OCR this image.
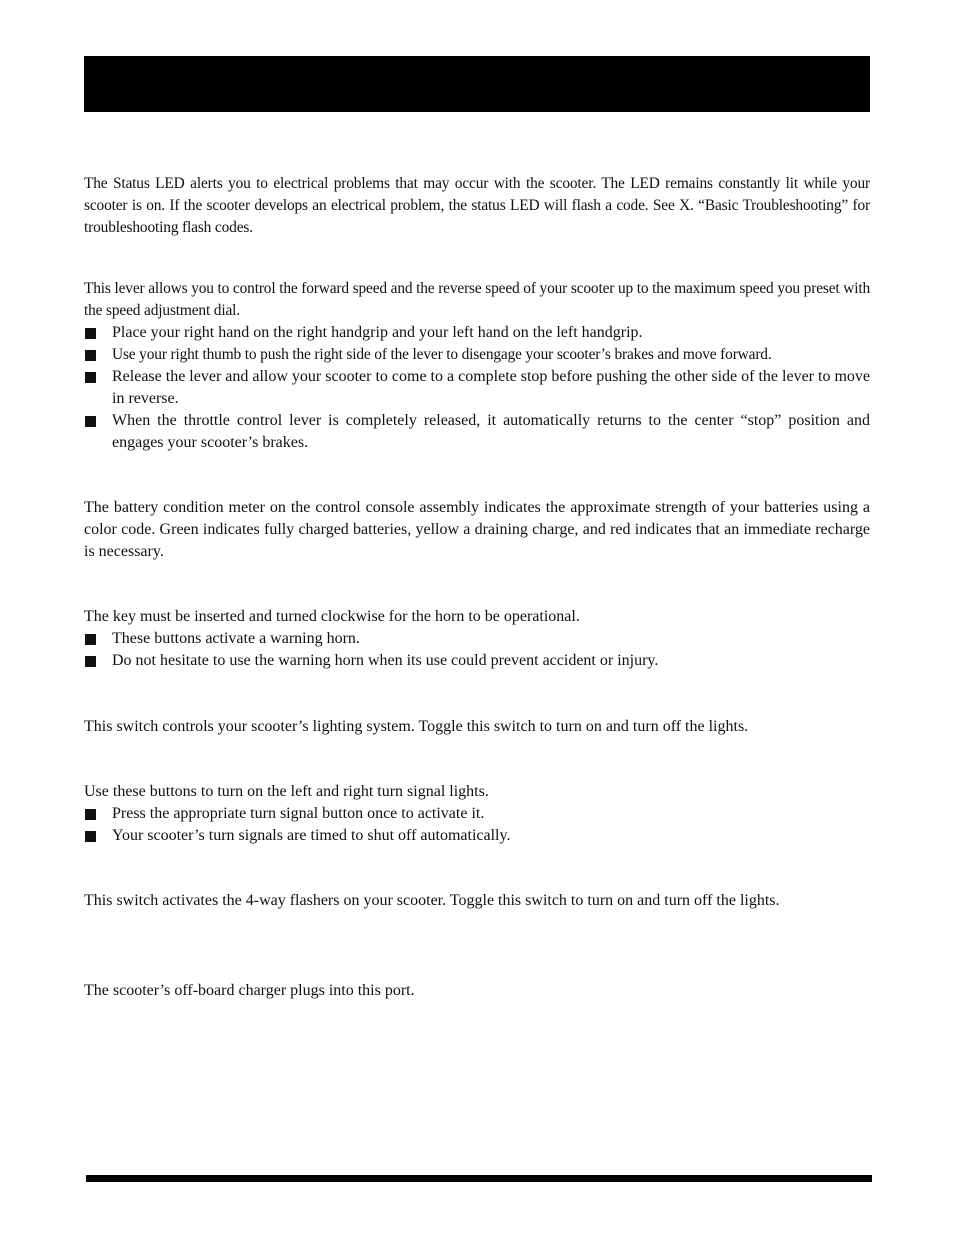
The Status LED alerts you to electrical problems that may occur with the scooter. The LED remains constantly lit while your scooter is on. If the scooter develops an electrical problem, the status LED will flash a code. See X. “Basic Troubleshooting” for troubleshooting flash codes.

This lever allows you to control the forward speed and the reverse speed of your scooter up to the maximum speed you preset with the speed adjustment dial.

Place your right hand on the right handgrip and your left hand on the left handgrip.
Use your right thumb to push the right side of the lever to disengage your scooter’s brakes and move forward.
Release the lever and allow your scooter to come to a complete stop before pushing the other side of the lever to move in reverse.
When the throttle control lever is completely released, it automatically returns to the center “stop” position and engages your scooter’s brakes.

The battery condition meter on the control console assembly indicates the approximate strength of your batteries using a color code. Green indicates fully charged batteries, yellow a draining charge, and red indicates that an immediate recharge is necessary.

The key must be inserted and turned clockwise for the horn to be operational.

These buttons activate a warning horn.
Do not hesitate to use the warning horn when its use could prevent accident or injury.

This switch controls your scooter’s lighting system. Toggle this switch to turn on and turn off the lights.

Use these buttons to turn on the left and right turn signal lights.

Press the appropriate turn signal button once to activate it.
Your scooter’s turn signals are timed to shut off automatically.

This switch activates the 4-way flashers on your scooter. Toggle this switch to turn on and turn off the lights.

The scooter’s off-board charger plugs into this port.
